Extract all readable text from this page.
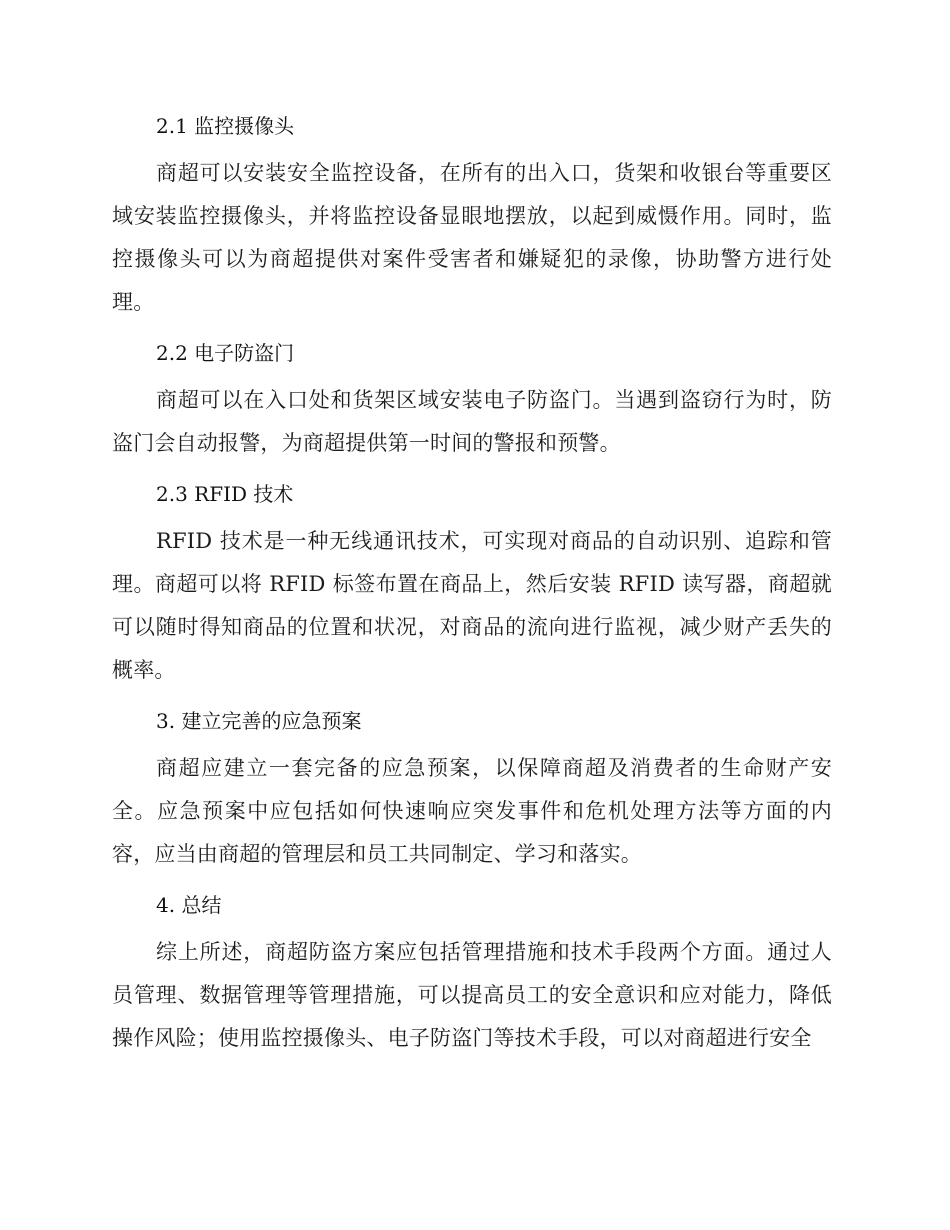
2.1 监控摄像头

商超可以安装安全监控设备，在所有的出入口，货架和收银台等重要区域安装监控摄像头，并将监控设备显眼地摆放，以起到威慑作用。同时，监控摄像头可以为商超提供对案件受害者和嫌疑犯的录像，协助警方进行处理。

2.2 电子防盗门

商超可以在入口处和货架区域安装电子防盗门。当遇到盗窃行为时，防盗门会自动报警，为商超提供第一时间的警报和预警。

2.3 RFID 技术

RFID 技术是一种无线通讯技术，可实现对商品的自动识别、追踪和管理。商超可以将 RFID 标签布置在商品上，然后安装 RFID 读写器，商超就可以随时得知商品的位置和状况，对商品的流向进行监视，减少财产丢失的概率。

3. 建立完善的应急预案

商超应建立一套完备的应急预案，以保障商超及消费者的生命财产安全。应急预案中应包括如何快速响应突发事件和危机处理方法等方面的内容，应当由商超的管理层和员工共同制定、学习和落实。

4. 总结

综上所述，商超防盗方案应包括管理措施和技术手段两个方面。通过人员管理、数据管理等管理措施，可以提高员工的安全意识和应对能力，降低操作风险；使用监控摄像头、电子防盗门等技术手段，可以对商超进行安全
